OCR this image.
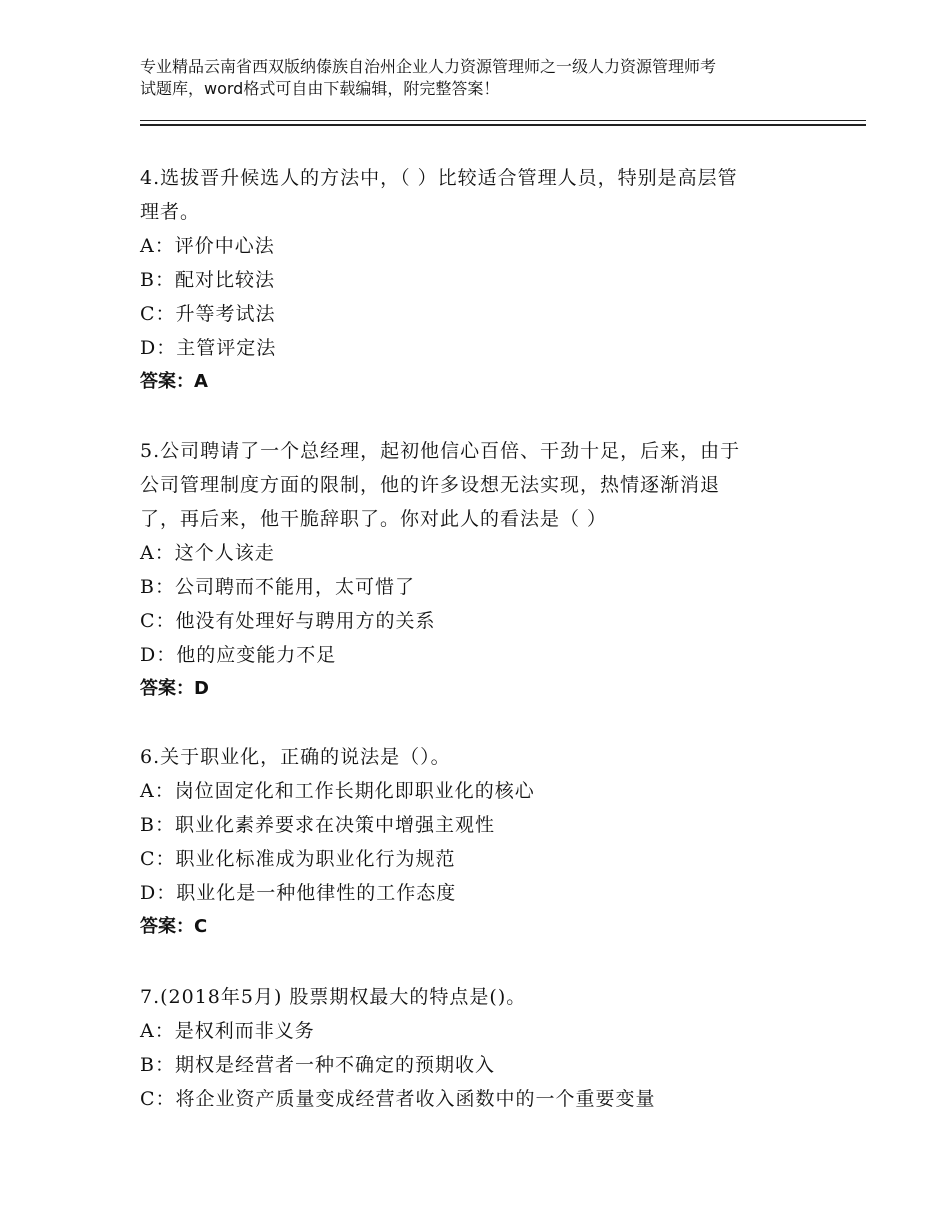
专业精品云南省西双版纳傣族自治州企业人力资源管理师之一级人力资源管理师考
试题库，word格式可自由下载编辑，附完整答案！
4.选拔晋升候选人的方法中，（ ）比较适合管理人员，特别是高层管
理者。
A：评价中心法
B：配对比较法
C：升等考试法
D：主管评定法
答案：A
5.公司聘请了一个总经理，起初他信心百倍、干劲十足，后来，由于
公司管理制度方面的限制，他的许多设想无法实现，热情逐渐消退
了，再后来，他干脆辞职了。你对此人的看法是（ ）
A：这个人该走
B：公司聘而不能用，太可惜了
C：他没有处理好与聘用方的关系
D：他的应变能力不足
答案：D
6.关于职业化，正确的说法是（）。
A：岗位固定化和工作长期化即职业化的核心
B：职业化素养要求在决策中增强主观性
C：职业化标准成为职业化行为规范
D：职业化是一种他律性的工作态度
答案：C
7.(2018年5月) 股票期权最大的特点是()。
A：是权利而非义务
B：期权是经营者一种不确定的预期收入
C：将企业资产质量变成经营者收入函数中的一个重要变量
